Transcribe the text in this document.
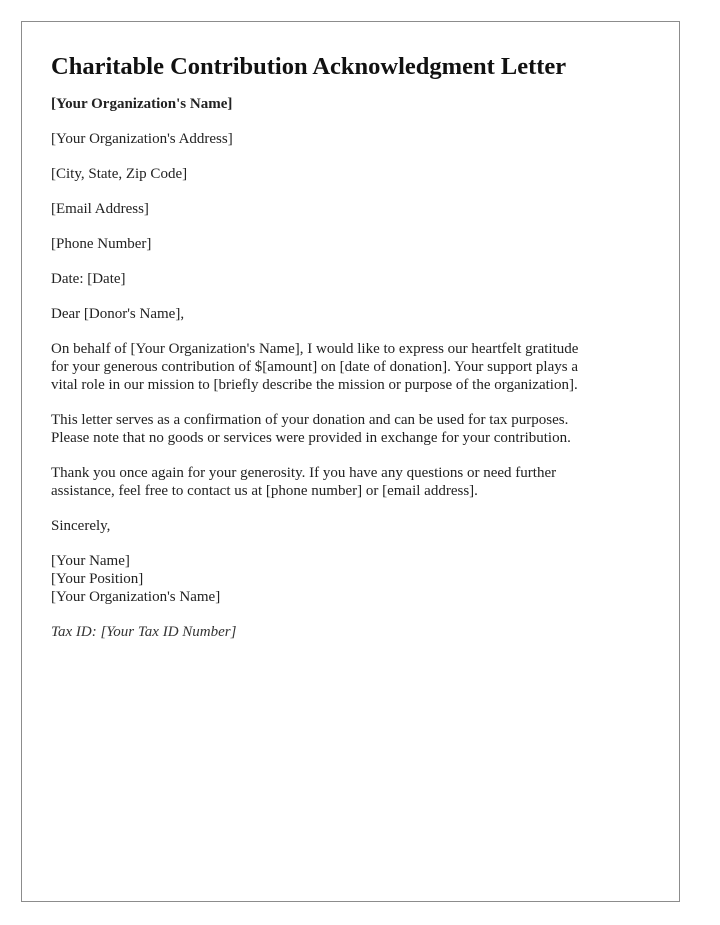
Charitable Contribution Acknowledgment Letter
[Your Organization's Name]
[Your Organization's Address]
[City, State, Zip Code]
[Email Address]
[Phone Number]
Date: [Date]
Dear [Donor's Name],
On behalf of [Your Organization's Name], I would like to express our heartfelt gratitude
for your generous contribution of $[amount] on [date of donation]. Your support plays a
vital role in our mission to [briefly describe the mission or purpose of the organization].
This letter serves as a confirmation of your donation and can be used for tax purposes.
Please note that no goods or services were provided in exchange for your contribution.
Thank you once again for your generosity. If you have any questions or need further
assistance, feel free to contact us at [phone number] or [email address].
Sincerely,
[Your Name]
[Your Position]
[Your Organization's Name]
Tax ID: [Your Tax ID Number]
